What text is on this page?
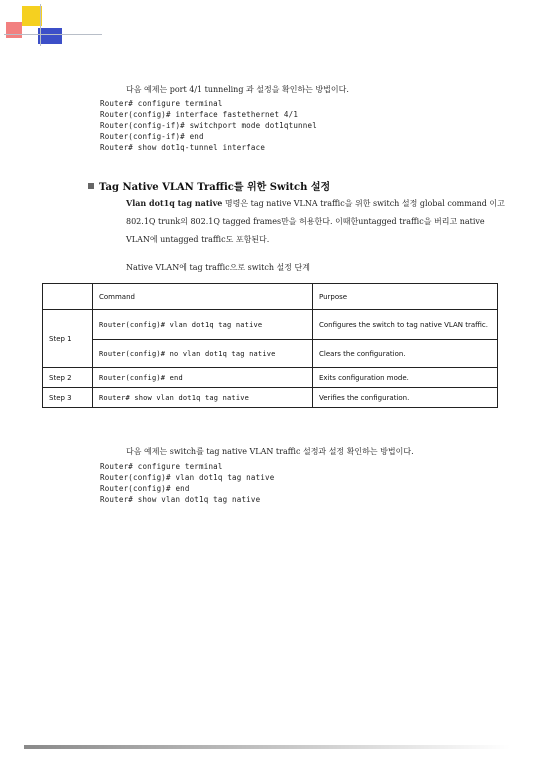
다음 예제는 port 4/1 tunneling 과 설정을 확인하는 방법이다.
Router# configure terminal
Router(config)# interface fastethernet 4/1
Router(config-if)# switchport mode dot1qtunnel
Router(config-if)# end
Router# show dot1q-tunnel interface
Tag Native VLAN Traffic를 위한 Switch 설정
Vlan dot1q tag native 명령은 tag native VLNA traffic을 위한 switch 설정 global command 이고 802.1Q trunk의 802.1Q tagged frames만을 허용한다. 이때한untagged traffic을 버리고 native VLAN에 untagged traffic도 포함된다.
Native VLAN에 tag traffic으로 switch 설정 단계
	Command	Purpose
Step 1	Router(config)# vlan dot1q tag native	Configures the switch to tag native VLAN traffic.
	Router(config)# no vlan dot1q tag native	Clears the configuration.
Step 2	Router(config)# end	Exits configuration mode.
Step 3	Router# show vlan dot1q tag native	Verifies the configuration.
다음 예제는 switch를 tag native VLAN traffic 설정과 설정 확인하는 방법이다.
Router# configure terminal
Router(config)# vlan dot1q tag native
Router(config)# end
Router# show vlan dot1q tag native
